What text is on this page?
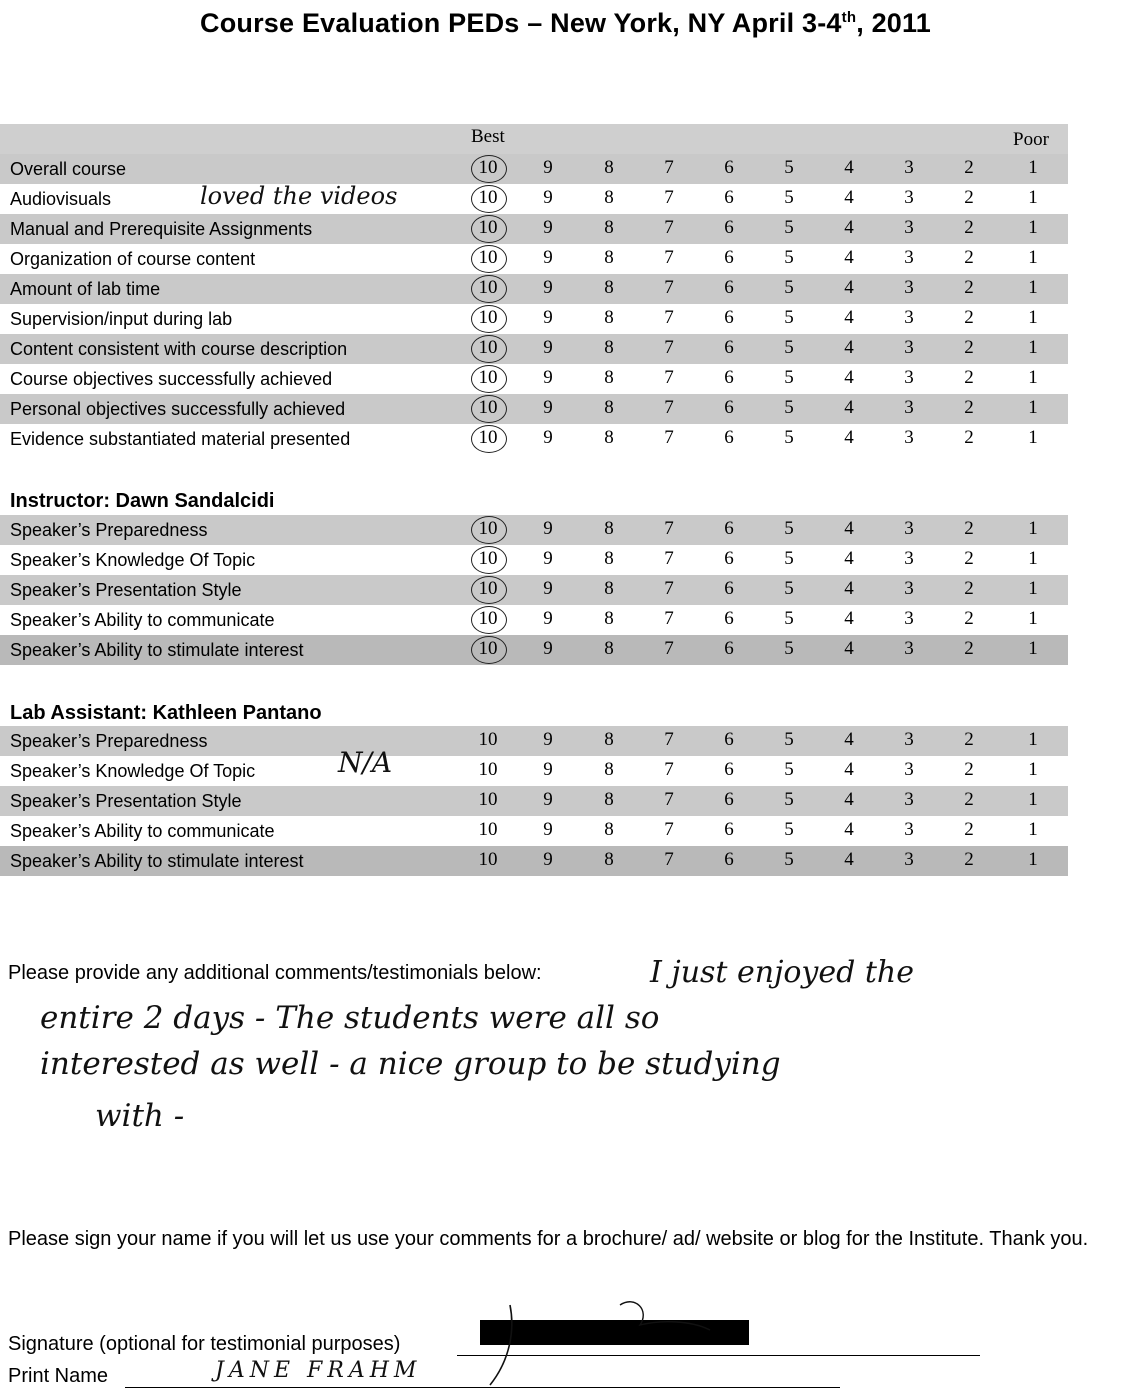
Course Evaluation PEDs – New York, NY April 3-4th, 2011
Best	Poor
Overall course	10	9	8	7	6	5	4	3	2	1
Audiovisuals	10	9	8	7	6	5	4	3	2	1
Manual and Prerequisite Assignments	10	9	8	7	6	5	4	3	2	1
Organization of course content	10	9	8	7	6	5	4	3	2	1
Amount of lab time	10	9	8	7	6	5	4	3	2	1
Supervision/input during lab	10	9	8	7	6	5	4	3	2	1
Content consistent with course description	10	9	8	7	6	5	4	3	2	1
Course objectives successfully achieved	10	9	8	7	6	5	4	3	2	1
Personal objectives successfully achieved	10	9	8	7	6	5	4	3	2	1
Evidence substantiated material presented	10	9	8	7	6	5	4	3	2	1
Instructor: Dawn Sandalcidi
Speaker’s Preparedness	10	9	8	7	6	5	4	3	2	1
Speaker’s Knowledge Of Topic	10	9	8	7	6	5	4	3	2	1
Speaker’s Presentation Style	10	9	8	7	6	5	4	3	2	1
Speaker’s Ability to communicate	10	9	8	7	6	5	4	3	2	1
Speaker’s Ability to stimulate interest	10	9	8	7	6	5	4	3	2	1
Lab Assistant: Kathleen Pantano
Speaker’s Preparedness	10	9	8	7	6	5	4	3	2	1
Speaker’s Knowledge Of Topic	10	9	8	7	6	5	4	3	2	1
Speaker’s Presentation Style	10	9	8	7	6	5	4	3	2	1
Speaker’s Ability to communicate	10	9	8	7	6	5	4	3	2	1
Speaker’s Ability to stimulate interest	10	9	8	7	6	5	4	3	2	1
loved the videos
N/A
Please provide any additional comments/testimonials below:	I just enjoyed the
entire 2 days - The students were all so
interested as well - a nice group to be studying
with -
Please sign your name if you will let us use your comments for a brochure/ ad/ website or blog for the Institute. Thank you.
Signature (optional for testimonial purposes)
Print Name	JANE FRAHM
